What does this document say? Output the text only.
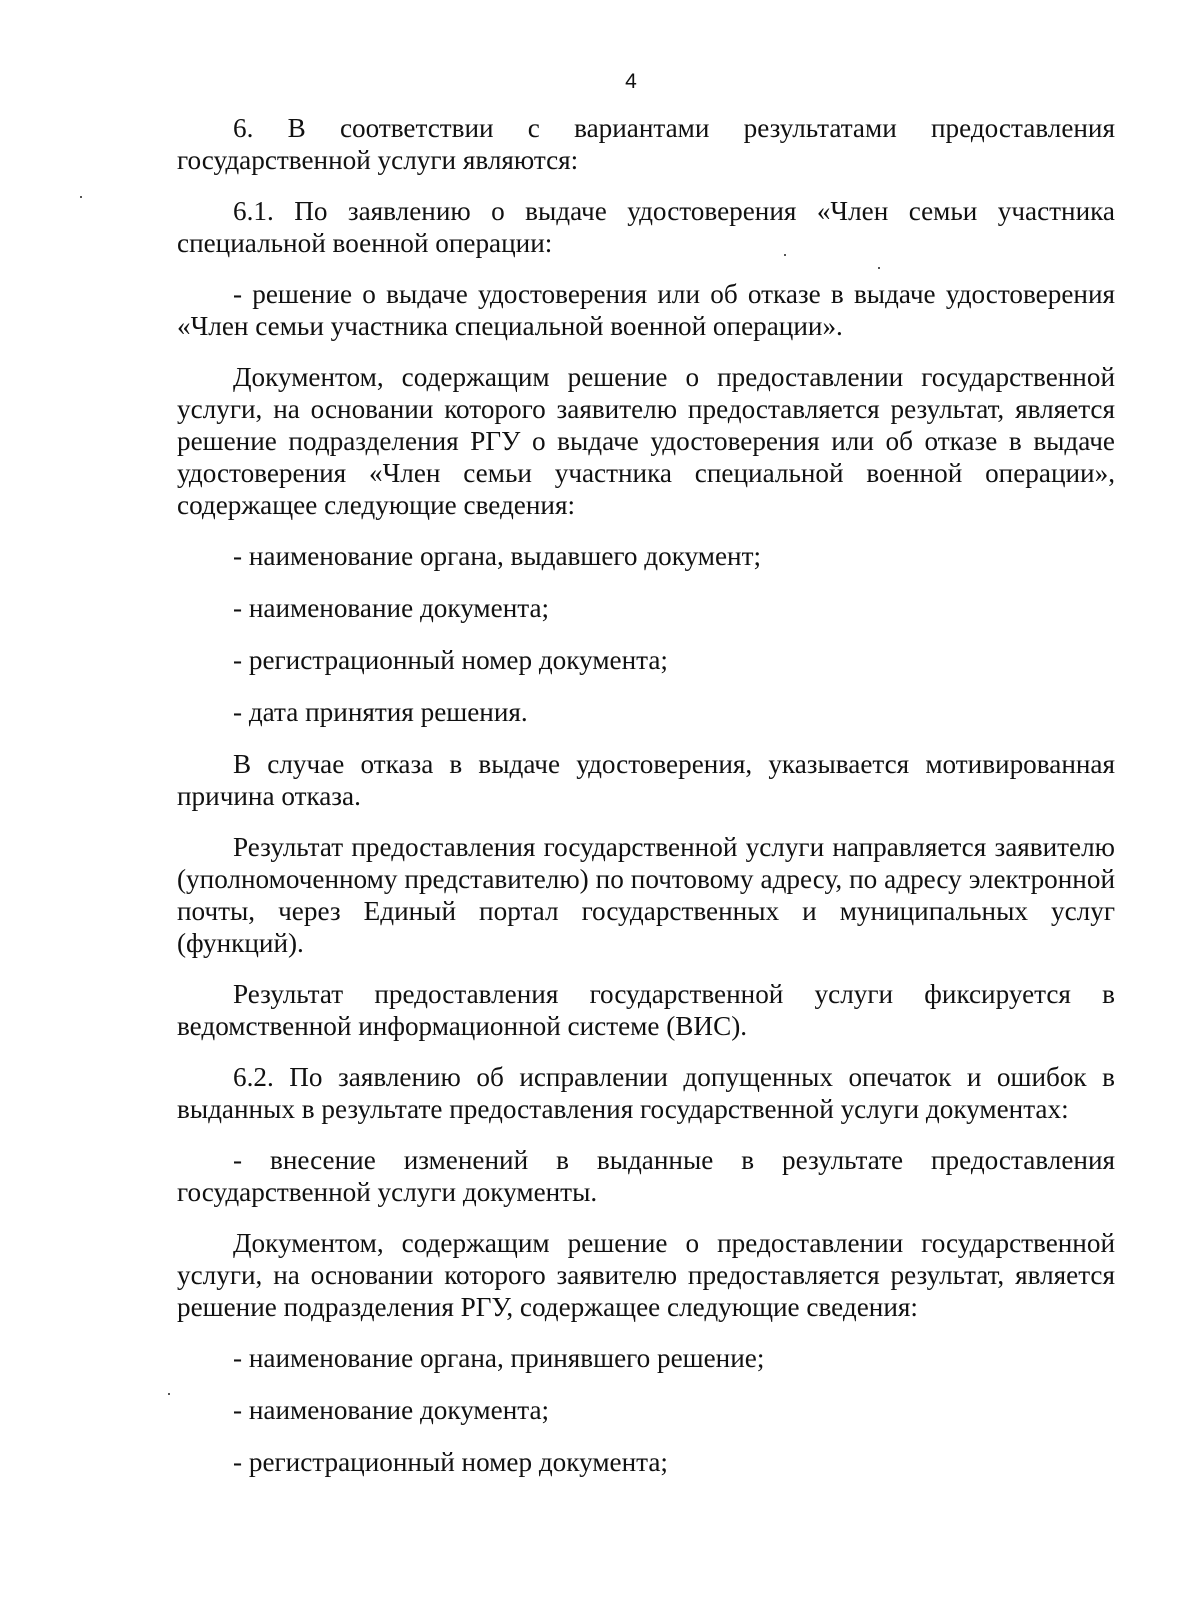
4

6. В соответствии с вариантами результатами предоставления государственной услуги являются:

6.1. По заявлению о выдаче удостоверения «Член семьи участника специальной военной операции:

- решение о выдаче удостоверения или об отказе в выдаче удостоверения «Член семьи участника специальной военной операции».

Документом, содержащим решение о предоставлении государственной услуги, на основании которого заявителю предоставляется результат, является решение подразделения РГУ о выдаче удостоверения или об отказе в выдаче удостоверения «Член семьи участника специальной военной операции», содержащее следующие сведения:

- наименование органа, выдавшего документ;

- наименование документа;

- регистрационный номер документа;

- дата принятия решения.

В случае отказа в выдаче удостоверения, указывается мотивированная причина отказа.

Результат предоставления государственной услуги направляется заявителю (уполномоченному представителю) по почтовому адресу, по адресу электронной почты, через Единый портал государственных и муниципальных услуг (функций).

Результат предоставления государственной услуги фиксируется в ведомственной информационной системе (ВИС).

6.2. По заявлению об исправлении допущенных опечаток и ошибок в выданных в результате предоставления государственной услуги документах:

- внесение изменений в выданные в результате предоставления государственной услуги документы.

Документом, содержащим решение о предоставлении государственной услуги, на основании которого заявителю предоставляется результат, является решение подразделения РГУ, содержащее следующие сведения:

- наименование органа, принявшего решение;

- наименование документа;

- регистрационный номер документа;
